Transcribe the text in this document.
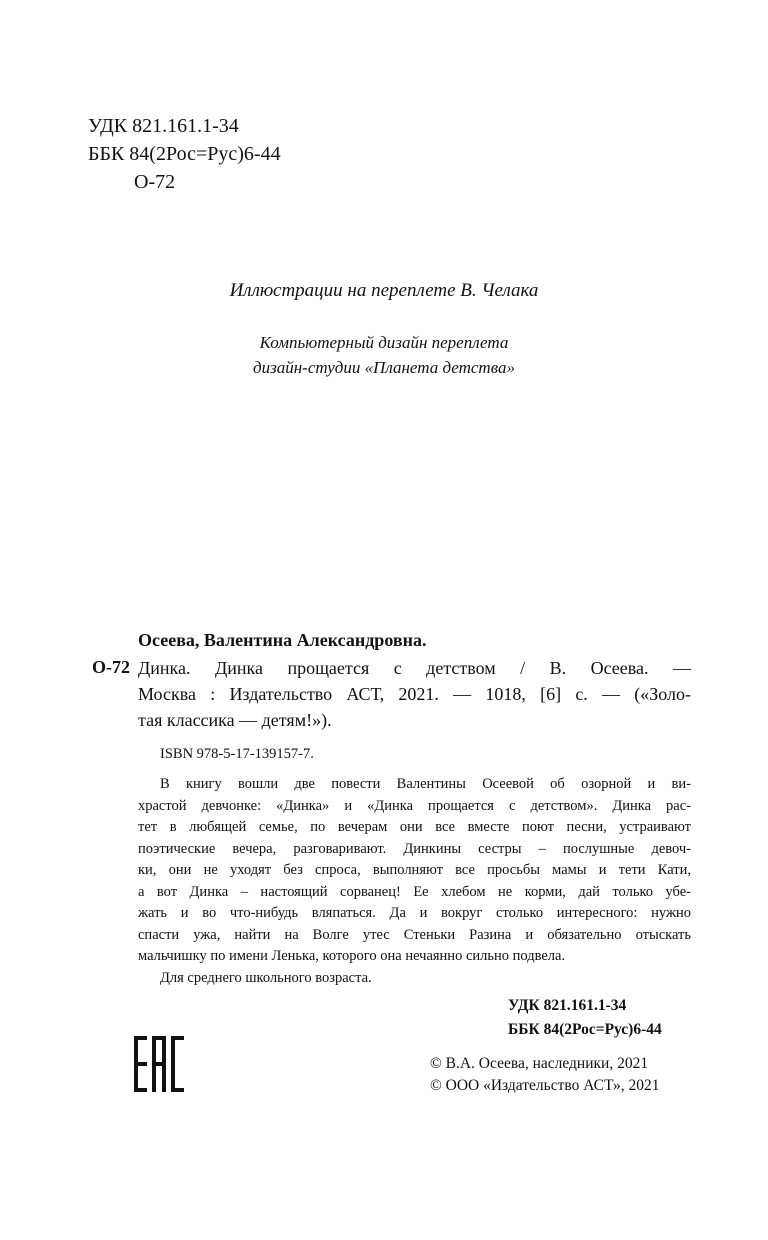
УДК 821.161.1-34
ББК 84(2Рос=Рус)6-44
О-72
Иллюстрации на переплете В. Челака
Компьютерный дизайн переплета
дизайн-студии «Планета детства»
Осеева, Валентина Александровна.
О-72 Динка. Динка прощается с детством / В. Осеева. —
Москва : Издательство АСТ, 2021. — 1018, [6] с. — («Золо-
тая классика — детям!»).
ISBN 978-5-17-139157-7.
В книгу вошли две повести Валентины Осеевой об озорной и ви-
храстой девчонке: «Динка» и «Динка прощается с детством». Динка рас-
тет в любящей семье, по вечерам они все вместе поют песни, устраивают
поэтические вечера, разговаривают. Динкины сестры – послушные девоч-
ки, они не уходят без спроса, выполняют все просьбы мамы и тети Кати,
а вот Динка – настоящий сорванец! Ее хлебом не корми, дай только убе-
жать и во что-нибудь вляпаться. Да и вокруг столько интересного: нужно
спасти ужа, найти на Волге утес Стеньки Разина и обязательно отыскать
мальчишку по имени Ленька, которого она нечаянно сильно подвела.
Для среднего школьного возраста.
УДК 821.161.1-34
ББК 84(2Рос=Рус)6-44
© В.А. Осеева, наследники, 2021
© ООО «Издательство АСТ», 2021
